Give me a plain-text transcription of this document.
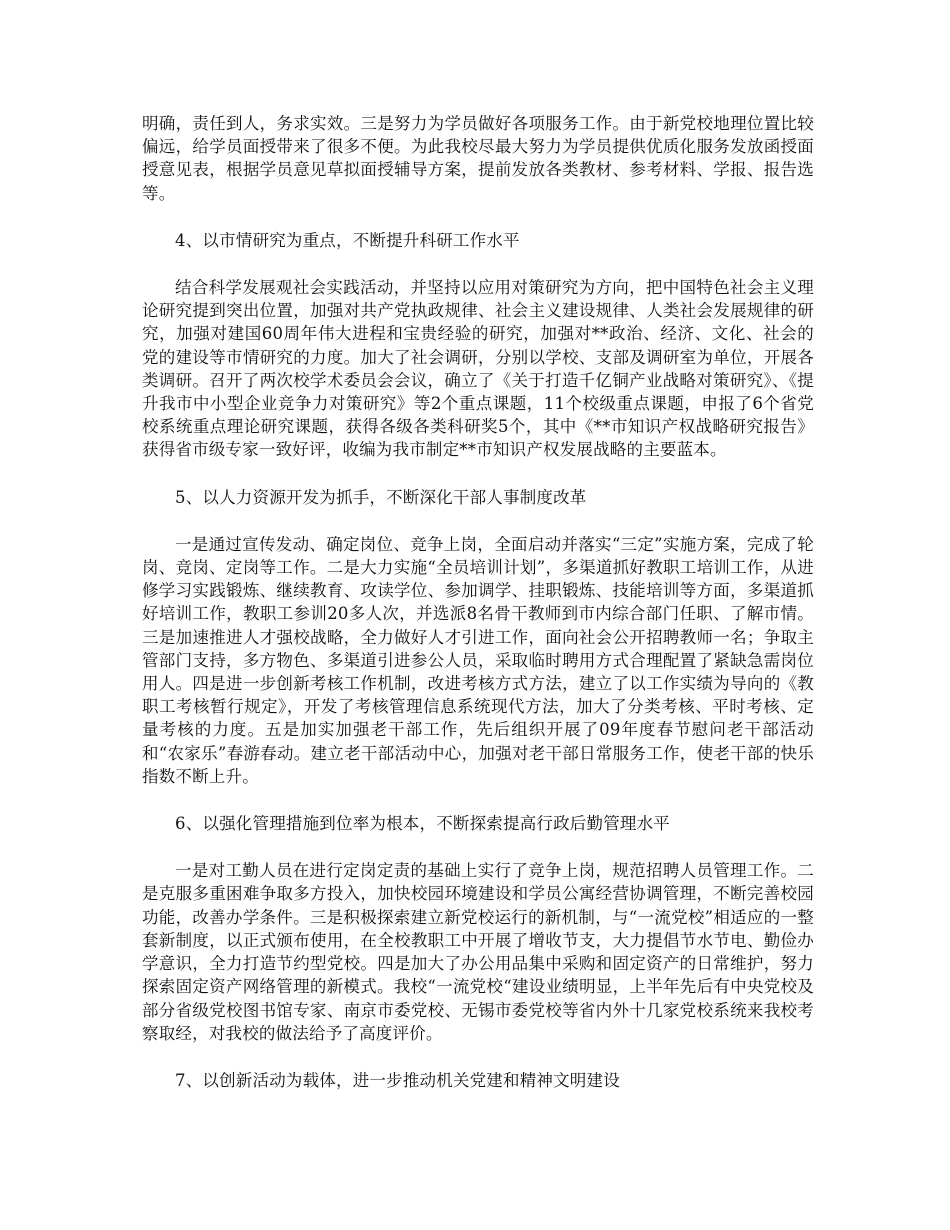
明确，责任到人，务求实效。三是努力为学员做好各项服务工作。由于新党校地理位置比较偏远，给学员面授带来了很多不便。为此我校尽最大努力为学员提供优质化服务发放函授面授意见表，根据学员意见草拟面授辅导方案，提前发放各类教材、参考材料、学报、报告选等。

4、以市情研究为重点，不断提升科研工作水平

结合科学发展观社会实践活动，并坚持以应用对策研究为方向，把中国特色社会主义理论研究提到突出位置，加强对共产党执政规律、社会主义建设规律、人类社会发展规律的研究，加强对建国60周年伟大进程和宝贵经验的研究，加强对**政治、经济、文化、社会的党的建设等市情研究的力度。加大了社会调研，分别以学校、支部及调研室为单位，开展各类调研。召开了两次校学术委员会会议，确立了《关于打造千亿铜产业战略对策研究》、《提升我市中小型企业竞争力对策研究》等2个重点课题，11个校级重点课题，申报了6个省党校系统重点理论研究课题，获得各级各类科研奖5个，其中《**市知识产权战略研究报告》获得省市级专家一致好评，收编为我市制定**市知识产权发展战略的主要蓝本。

5、以人力资源开发为抓手，不断深化干部人事制度改革

一是通过宣传发动、确定岗位、竞争上岗，全面启动并落实“三定”实施方案，完成了轮岗、竞岗、定岗等工作。二是大力实施“全员培训计划”，多渠道抓好教职工培训工作，从进修学习实践锻炼、继续教育、攻读学位、参加调学、挂职锻炼、技能培训等方面，多渠道抓好培训工作，教职工参训20多人次，并选派8名骨干教师到市内综合部门任职、了解市情。三是加速推进人才强校战略，全力做好人才引进工作，面向社会公开招聘教师一名；争取主管部门支持，多方物色、多渠道引进参公人员，采取临时聘用方式合理配置了紧缺急需岗位用人。四是进一步创新考核工作机制，改进考核方式方法，建立了以工作实绩为导向的《教职工考核暂行规定》，开发了考核管理信息系统现代方法，加大了分类考核、平时考核、定量考核的力度。五是加实加强老干部工作，先后组织开展了09年度春节慰问老干部活动和“农家乐”春游春动。建立老干部活动中心，加强对老干部日常服务工作，使老干部的快乐指数不断上升。

6、以强化管理措施到位率为根本，不断探索提高行政后勤管理水平

一是对工勤人员在进行定岗定责的基础上实行了竞争上岗，规范招聘人员管理工作。二是克服多重困难争取多方投入，加快校园环境建设和学员公寓经营协调管理，不断完善校园功能，改善办学条件。三是积极探索建立新党校运行的新机制，与“一流党校”相适应的一整套新制度，以正式颁布使用，在全校教职工中开展了增收节支，大力提倡节水节电、勤俭办学意识，全力打造节约型党校。四是加大了办公用品集中采购和固定资产的日常维护，努力探索固定资产网络管理的新模式。我校“一流党校“建设业绩明显，上半年先后有中央党校及部分省级党校图书馆专家、南京市委党校、无锡市委党校等省内外十几家党校系统来我校考察取经，对我校的做法给予了高度评价。

7、以创新活动为载体，进一步推动机关党建和精神文明建设
